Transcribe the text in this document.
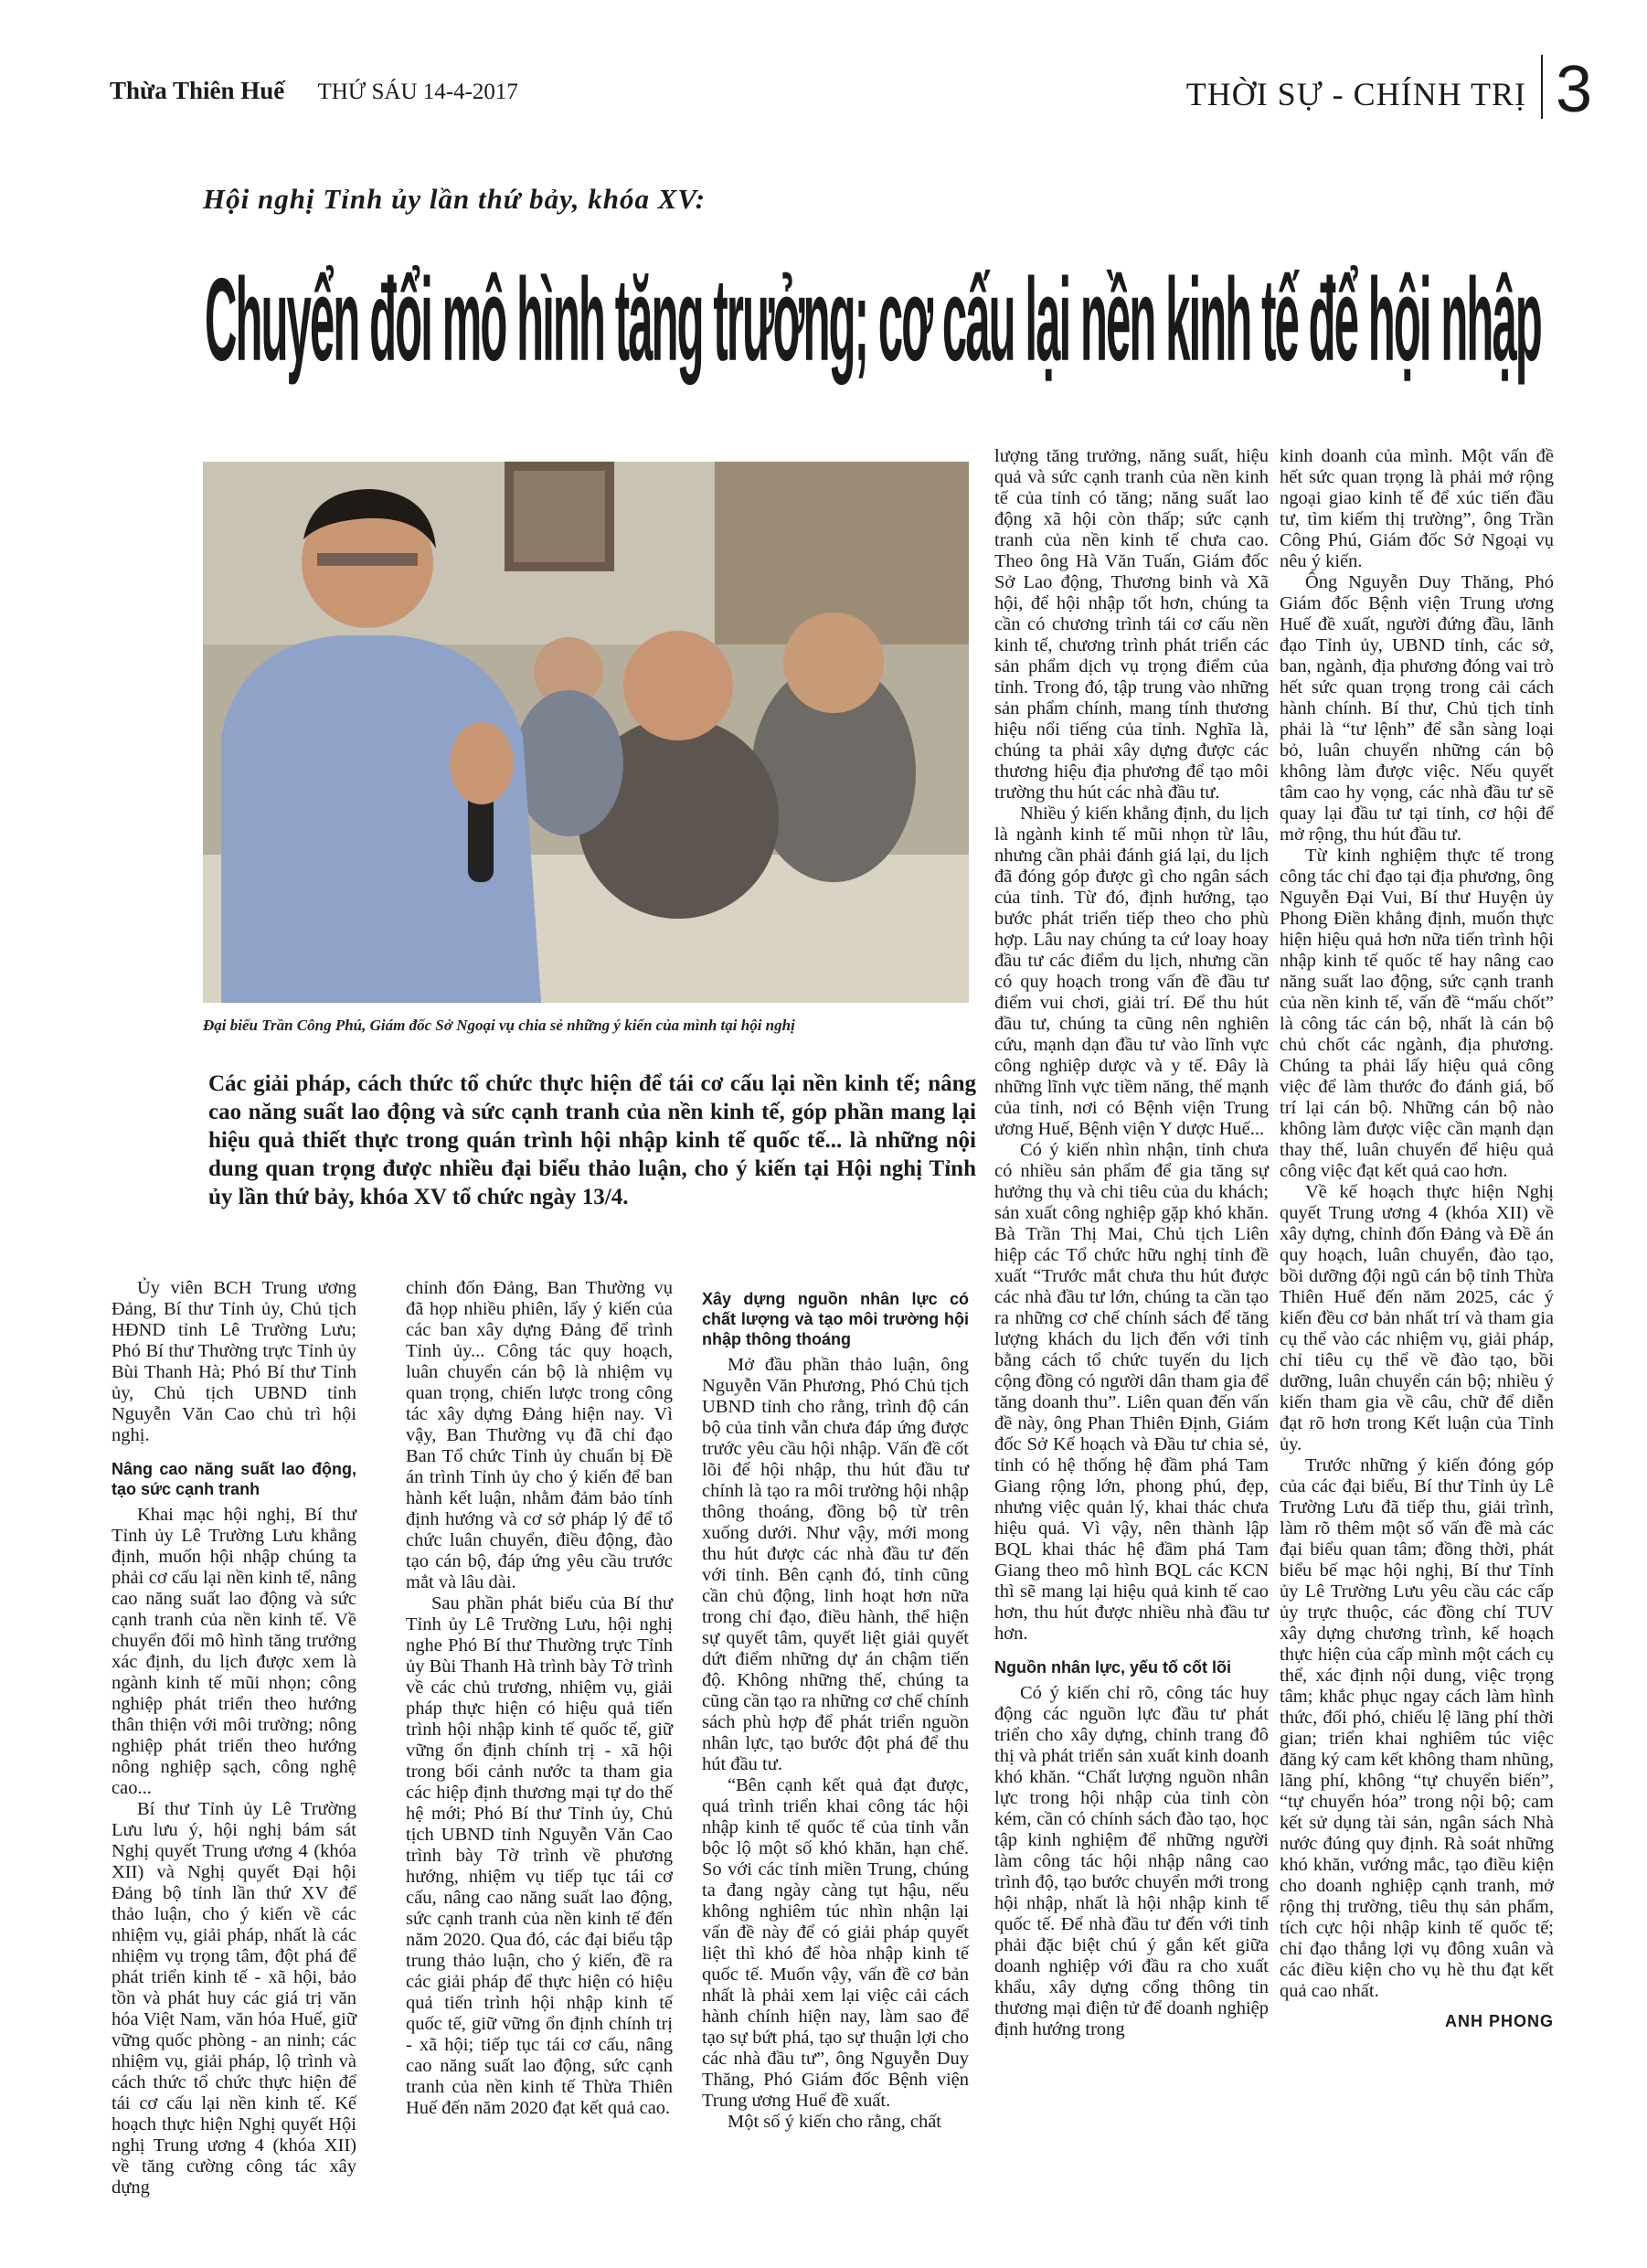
Thừa Thiên Huế THỨ SÁU 14-4-2017	THỜI SỰ - CHÍNH TRỊ 3
Hội nghị Tỉnh ủy lần thứ bảy, khóa XV:
Chuyển đổi mô hình tăng trưởng; cơ cấu lại nền kinh tế để hội nhập
Đại biểu Trần Công Phú, Giám đốc Sở Ngoại vụ chia sẻ những ý kiến của mình tại hội nghị
Các giải pháp, cách thức tổ chức thực hiện để tái cơ cấu lại nền kinh tế; nâng cao năng suất lao động và sức cạnh tranh của nền kinh tế, góp phần mang lại hiệu quả thiết thực trong quán trình hội nhập kinh tế quốc tế... là những nội dung quan trọng được nhiều đại biểu thảo luận, cho ý kiến tại Hội nghị Tỉnh ủy lần thứ bảy, khóa XV tổ chức ngày 13/4.

Ủy viên BCH Trung ương Đảng, Bí thư Tỉnh ủy, Chủ tịch HĐND tỉnh Lê Trường Lưu; Phó Bí thư Thường trực Tỉnh ủy Bùi Thanh Hà; Phó Bí thư Tỉnh ủy, Chủ tịch UBND tỉnh Nguyễn Văn Cao chủ trì hội nghị.

Nâng cao năng suất lao động, tạo sức cạnh tranh

Khai mạc hội nghị, Bí thư Tỉnh ủy Lê Trường Lưu khẳng định, muốn hội nhập chúng ta phải cơ cấu lại nền kinh tế, nâng cao năng suất lao động và sức cạnh tranh của nền kinh tế. Về chuyển đổi mô hình tăng trưởng xác định, du lịch được xem là ngành kinh tế mũi nhọn; công nghiệp phát triển theo hướng thân thiện với môi trường; nông nghiệp phát triển theo hướng nông nghiệp sạch, công nghệ cao...

Bí thư Tỉnh ủy Lê Trường Lưu lưu ý, hội nghị bám sát Nghị quyết Trung ương 4 (khóa XII) và Nghị quyết Đại hội Đảng bộ tỉnh lần thứ XV để thảo luận, cho ý kiến về các nhiệm vụ, giải pháp, nhất là các nhiệm vụ trọng tâm, đột phá để phát triển kinh tế - xã hội, bảo tồn và phát huy các giá trị văn hóa Việt Nam, văn hóa Huế, giữ vững quốc phòng - an ninh; các nhiệm vụ, giải pháp, lộ trình và cách thức tổ chức thực hiện để tái cơ cấu lại nền kinh tế. Kế hoạch thực hiện Nghị quyết Hội nghị Trung ương 4 (khóa XII) về tăng cường công tác xây dựng

chỉnh đốn Đảng, Ban Thường vụ đã họp nhiều phiên, lấy ý kiến của các ban xây dựng Đảng để trình Tỉnh ủy... Công tác quy hoạch, luân chuyển cán bộ là nhiệm vụ quan trọng, chiến lược trong công tác xây dựng Đảng hiện nay. Vì vậy, Ban Thường vụ đã chỉ đạo Ban Tổ chức Tỉnh ủy chuẩn bị Đề án trình Tỉnh ủy cho ý kiến để ban hành kết luận, nhằm đảm bảo tính định hướng và cơ sở pháp lý để tổ chức luân chuyển, điều động, đào tạo cán bộ, đáp ứng yêu cầu trước mắt và lâu dài.

Sau phần phát biểu của Bí thư Tỉnh ủy Lê Trường Lưu, hội nghị nghe Phó Bí thư Thường trực Tỉnh ủy Bùi Thanh Hà trình bày Tờ trình về các chủ trương, nhiệm vụ, giải pháp thực hiện có hiệu quả tiến trình hội nhập kinh tế quốc tế, giữ vững ổn định chính trị - xã hội trong bối cảnh nước ta tham gia các hiệp định thương mại tự do thế hệ mới; Phó Bí thư Tỉnh ủy, Chủ tịch UBND tỉnh Nguyễn Văn Cao trình bày Tờ trình về phương hướng, nhiệm vụ tiếp tục tái cơ cấu, nâng cao năng suất lao động, sức cạnh tranh của nền kinh tế đến năm 2020. Qua đó, các đại biểu tập trung thảo luận, cho ý kiến, đề ra các giải pháp để thực hiện có hiệu quả tiến trình hội nhập kinh tế quốc tế, giữ vững ổn định chính trị - xã hội; tiếp tục tái cơ cấu, nâng cao năng suất lao động, sức cạnh tranh của nền kinh tế Thừa Thiên Huế đến năm 2020 đạt kết quả cao.

Xây dựng nguồn nhân lực có chất lượng và tạo môi trường hội nhập thông thoáng

Mở đầu phần thảo luận, ông Nguyễn Văn Phương, Phó Chủ tịch UBND tỉnh cho rằng, trình độ cán bộ của tỉnh vẫn chưa đáp ứng được trước yêu cầu hội nhập. Vấn đề cốt lõi để hội nhập, thu hút đầu tư chính là tạo ra môi trường hội nhập thông thoáng, đồng bộ từ trên xuống dưới. Như vậy, mới mong thu hút được các nhà đầu tư đến với tỉnh. Bên cạnh đó, tỉnh cũng cần chủ động, linh hoạt hơn nữa trong chỉ đạo, điều hành, thể hiện sự quyết tâm, quyết liệt giải quyết dứt điểm những dự án chậm tiến độ. Không những thế, chúng ta cũng cần tạo ra những cơ chế chính sách phù hợp để phát triển nguồn nhân lực, tạo bước đột phá để thu hút đầu tư.

“Bên cạnh kết quả đạt được, quá trình triển khai công tác hội nhập kinh tế quốc tế của tỉnh vẫn bộc lộ một số khó khăn, hạn chế. So với các tỉnh miền Trung, chúng ta đang ngày càng tụt hậu, nếu không nghiêm túc nhìn nhận lại vấn đề này để có giải pháp quyết liệt thì khó để hòa nhập kinh tế quốc tế. Muốn vậy, vấn đề cơ bản nhất là phải xem lại việc cải cách hành chính hiện nay, làm sao để tạo sự bứt phá, tạo sự thuận lợi cho các nhà đầu tư”, ông Nguyễn Duy Thăng, Phó Giám đốc Bệnh viện Trung ương Huế đề xuất.

Một số ý kiến cho rằng, chất

lượng tăng trưởng, năng suất, hiệu quả và sức cạnh tranh của nền kinh tế của tỉnh có tăng; năng suất lao động xã hội còn thấp; sức cạnh tranh của nền kinh tế chưa cao. Theo ông Hà Văn Tuấn, Giám đốc Sở Lao động, Thương binh và Xã hội, để hội nhập tốt hơn, chúng ta cần có chương trình tái cơ cấu nền kinh tế, chương trình phát triển các sản phẩm dịch vụ trọng điểm của tỉnh. Trong đó, tập trung vào những sản phẩm chính, mang tính thương hiệu nổi tiếng của tỉnh. Nghĩa là, chúng ta phải xây dựng được các thương hiệu địa phương để tạo môi trường thu hút các nhà đầu tư.

Nhiều ý kiến khẳng định, du lịch là ngành kinh tế mũi nhọn từ lâu, nhưng cần phải đánh giá lại, du lịch đã đóng góp được gì cho ngân sách của tỉnh. Từ đó, định hướng, tạo bước phát triển tiếp theo cho phù hợp. Lâu nay chúng ta cứ loay hoay đầu tư các điểm du lịch, nhưng cần có quy hoạch trong vấn đề đầu tư điểm vui chơi, giải trí. Để thu hút đầu tư, chúng ta cũng nên nghiên cứu, mạnh dạn đầu tư vào lĩnh vực công nghiệp dược và y tế. Đây là những lĩnh vực tiềm năng, thế mạnh của tỉnh, nơi có Bệnh viện Trung ương Huế, Bệnh viện Y dược Huế...

Có ý kiến nhìn nhận, tỉnh chưa có nhiều sản phẩm để gia tăng sự hưởng thụ và chi tiêu của du khách; sản xuất công nghiệp gặp khó khăn. Bà Trần Thị Mai, Chủ tịch Liên hiệp các Tổ chức hữu nghị tỉnh đề xuất “Trước mắt chưa thu hút được các nhà đầu tư lớn, chúng ta cần tạo ra những cơ chế chính sách để tăng lượng khách du lịch đến với tỉnh bằng cách tổ chức tuyến du lịch cộng đồng có người dân tham gia để tăng doanh thu”. Liên quan đến vấn đề này, ông Phan Thiên Định, Giám đốc Sở Kế hoạch và Đầu tư chia sẻ, tỉnh có hệ thống hệ đầm phá Tam Giang rộng lớn, phong phú, đẹp, nhưng việc quản lý, khai thác chưa hiệu quả. Vì vậy, nên thành lập BQL khai thác hệ đầm phá Tam Giang theo mô hình BQL các KCN thì sẽ mang lại hiệu quả kinh tế cao hơn, thu hút được nhiều nhà đầu tư hơn.

Nguồn nhân lực, yếu tố cốt lõi

Có ý kiến chỉ rõ, công tác huy động các nguồn lực đầu tư phát triển cho xây dựng, chỉnh trang đô thị và phát triển sản xuất kinh doanh khó khăn. “Chất lượng nguồn nhân lực trong hội nhập của tỉnh còn kém, cần có chính sách đào tạo, học tập kinh nghiệm để những người làm công tác hội nhập nâng cao trình độ, tạo bước chuyển mới trong hội nhập, nhất là hội nhập kinh tế quốc tế. Để nhà đầu tư đến với tỉnh phải đặc biệt chú ý gắn kết giữa doanh nghiệp với đầu ra cho xuất khẩu, xây dựng cổng thông tin thương mại điện tử để doanh nghiệp định hướng trong

kinh doanh của mình. Một vấn đề hết sức quan trọng là phải mở rộng ngoại giao kinh tế để xúc tiến đầu tư, tìm kiếm thị trường”, ông Trần Công Phú, Giám đốc Sở Ngoại vụ nêu ý kiến.

Ông Nguyễn Duy Thăng, Phó Giám đốc Bệnh viện Trung ương Huế đề xuất, người đứng đầu, lãnh đạo Tỉnh ủy, UBND tỉnh, các sở, ban, ngành, địa phương đóng vai trò hết sức quan trọng trong cải cách hành chính. Bí thư, Chủ tịch tỉnh phải là “tư lệnh” để sẵn sàng loại bỏ, luân chuyển những cán bộ không làm được việc. Nếu quyết tâm cao hy vọng, các nhà đầu tư sẽ quay lại đầu tư tại tỉnh, cơ hội để mở rộng, thu hút đầu tư.

Từ kinh nghiệm thực tế trong công tác chỉ đạo tại địa phương, ông Nguyễn Đại Vui, Bí thư Huyện ủy Phong Điền khẳng định, muốn thực hiện hiệu quả hơn nữa tiến trình hội nhập kinh tế quốc tế hay nâng cao năng suất lao động, sức cạnh tranh của nền kinh tế, vấn đề “mấu chốt” là công tác cán bộ, nhất là cán bộ chủ chốt các ngành, địa phương. Chúng ta phải lấy hiệu quả công việc để làm thước đo đánh giá, bố trí lại cán bộ. Những cán bộ nào không làm được việc cần mạnh dạn thay thế, luân chuyển để hiệu quả công việc đạt kết quả cao hơn.

Về kế hoạch thực hiện Nghị quyết Trung ương 4 (khóa XII) về xây dựng, chỉnh đốn Đảng và Đề án quy hoạch, luân chuyển, đào tạo, bồi dưỡng đội ngũ cán bộ tỉnh Thừa Thiên Huế đến năm 2025, các ý kiến đều cơ bản nhất trí và tham gia cụ thể vào các nhiệm vụ, giải pháp, chỉ tiêu cụ thể về đào tạo, bồi dưỡng, luân chuyển cán bộ; nhiều ý kiến tham gia về câu, chữ để diễn đạt rõ hơn trong Kết luận của Tỉnh ủy.

Trước những ý kiến đóng góp của các đại biểu, Bí thư Tỉnh ủy Lê Trường Lưu đã tiếp thu, giải trình, làm rõ thêm một số vấn đề mà các đại biểu quan tâm; đồng thời, phát biểu bế mạc hội nghị, Bí thư Tỉnh ủy Lê Trường Lưu yêu cầu các cấp ủy trực thuộc, các đồng chí TUV xây dựng chương trình, kế hoạch thực hiện của cấp mình một cách cụ thể, xác định nội dung, việc trọng tâm; khắc phục ngay cách làm hình thức, đối phó, chiếu lệ lãng phí thời gian; triển khai nghiêm túc việc đăng ký cam kết không tham nhũng, lãng phí, không “tự chuyển biến”, “tự chuyển hóa” trong nội bộ; cam kết sử dụng tài sản, ngân sách Nhà nước đúng quy định. Rà soát những khó khăn, vướng mắc, tạo điều kiện cho doanh nghiệp cạnh tranh, mở rộng thị trường, tiêu thụ sản phẩm, tích cực hội nhập kinh tế quốc tế; chỉ đạo thắng lợi vụ đông xuân và các điều kiện cho vụ hè thu đạt kết quả cao nhất.

ANH PHONG
